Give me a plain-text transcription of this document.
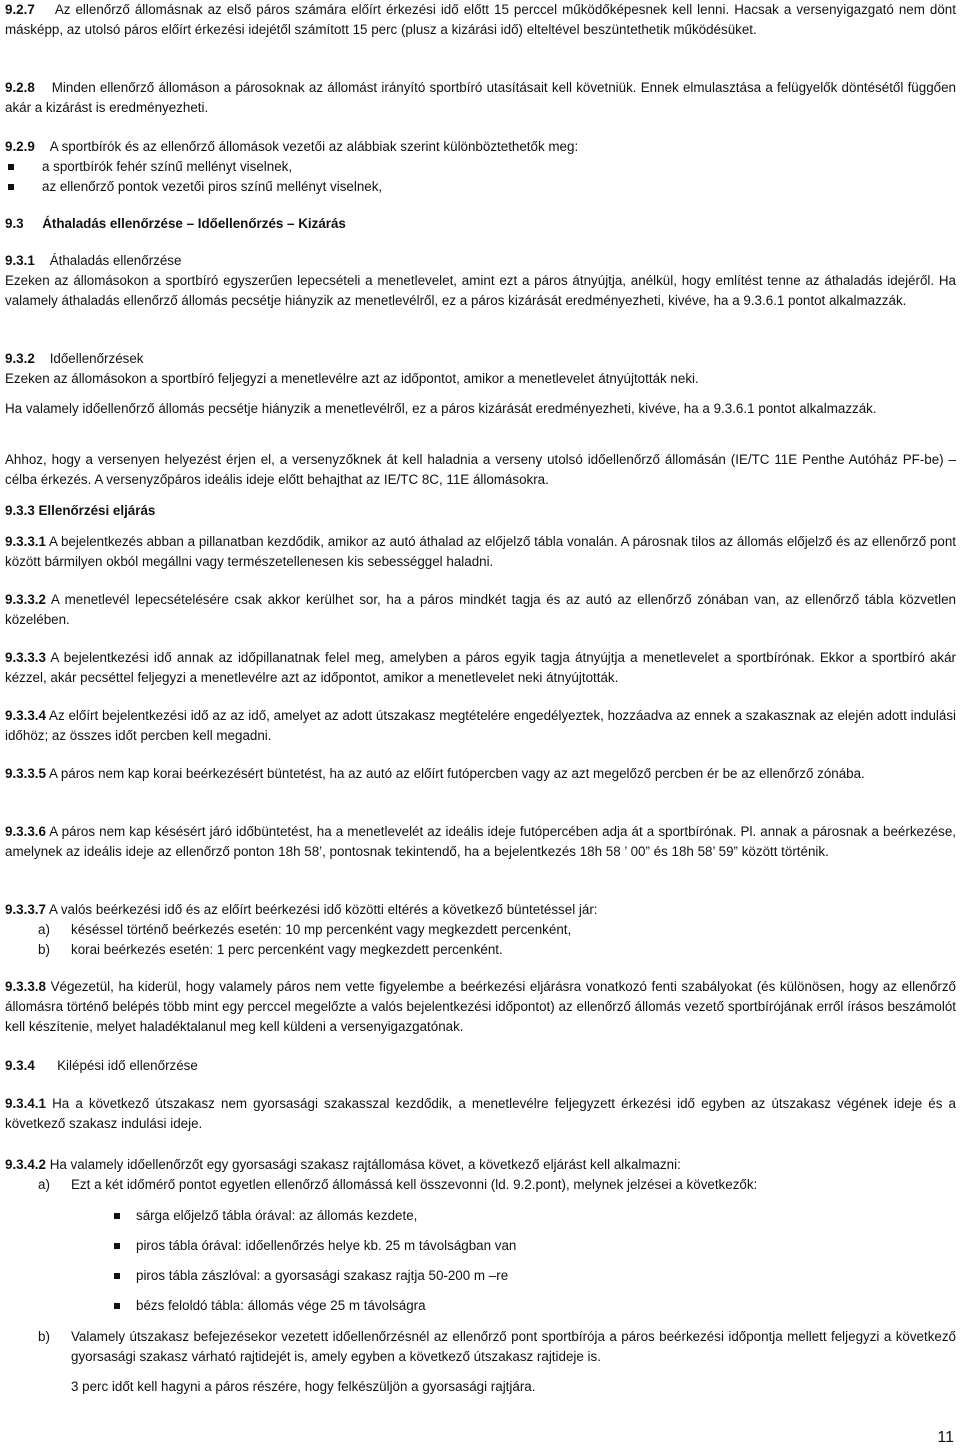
9.2.7 Az ellenőrző állomásnak az első páros számára előírt érkezési idő előtt 15 perccel működőképesnek kell lenni. Hacsak a versenyigazgató nem dönt másképp, az utolsó páros előírt érkezési idejétől számított 15 perc (plusz a kizárási idő) elteltével beszüntethetik működésüket.
9.2.8 Minden ellenőrző állomáson a párosoknak az állomást irányító sportbíró utasításait kell követniük. Ennek elmulasztása a felügyelők döntésétől függően akár a kizárást is eredményezheti.
9.2.9 A sportbírók és az ellenőrző állomások vezetői az alábbiak szerint különböztethetők meg:
a sportbírók fehér színű mellényt viselnek,
az ellenőrző pontok vezetői piros színű mellényt viselnek,
9.3     Áthaladás ellenőrzése – Időellenőrzés – Kizárás
9.3.1 Áthaladás ellenőrzése
Ezeken az állomásokon a sportbíró egyszerűen lepecsételi a menetlevelet, amint ezt a páros átnyújtja, anélkül, hogy említést tenne az áthaladás idejéről. Ha valamely áthaladás ellenőrző állomás pecsétje hiányzik az menetlevélről, ez a páros kizárását eredményezheti, kivéve, ha a 9.3.6.1 pontot alkalmazzák.
9.3.2 Időellenőrzések
Ezeken az állomásokon a sportbíró feljegyzi a menetlevélre azt az időpontot, amikor a menetlevelet átnyújtották neki.
Ha valamely időellenőrző állomás pecsétje hiányzik a menetlevélről, ez a páros kizárását eredményezheti, kivéve, ha a 9.3.6.1 pontot alkalmazzák.
Ahhoz, hogy a versenyen helyezést érjen el, a versenyzőknek át kell haladnia a verseny utolsó időellenőrző állomásán (IE/TC 11E Penthe Autóház PF-be) – célba érkezés. A versenyzőpáros ideális ideje előtt behajthat az IE/TC 8C, 11E állomásokra.
9.3.3 Ellenőrzési eljárás
9.3.3.1 A bejelentkezés abban a pillanatban kezdődik, amikor az autó áthalad az előjelző tábla vonalán. A párosnak tilos az állomás előjelző és az ellenőrző pont között bármilyen okból megállni vagy természetellenesen kis sebességgel haladni.
9.3.3.2 A menetlevél lepecsételésére csak akkor kerülhet sor, ha a páros mindkét tagja és az autó az ellenőrző zónában van, az ellenőrző tábla közvetlen közelében.
9.3.3.3 A bejelentkezési idő annak az időpillanatnak felel meg, amelyben a páros egyik tagja átnyújtja a menetlevelet a sportbírónak. Ekkor a sportbíró akár kézzel, akár pecséttel feljegyzi a menetlevélre azt az időpontot, amikor a menetlevelet neki átnyújtották.
9.3.3.4 Az előírt bejelentkezési idő az az idő, amelyet az adott útszakasz megtételére engedélyeztek, hozzáadva az ennek a szakasznak az elején adott indulási időhöz; az összes időt percben kell megadni.
9.3.3.5 A páros nem kap korai beérkezésért büntetést, ha az autó az előírt futópercben vagy az azt megelőző percben ér be az ellenőrző zónába.
9.3.3.6 A páros nem kap késésért járó időbüntetést, ha a menetlevelét az ideális ideje futópercében adja át a sportbírónak. Pl. annak a párosnak a beérkezése, amelynek az ideális ideje az ellenőrző ponton 18h 58’, pontosnak tekintendő, ha a bejelentkezés 18h 58 ’ 00” és 18h 58’ 59” között történik.
9.3.3.7 A valós beérkezési idő és az előírt beérkezési idő közötti eltérés a következő büntetéssel jár:
a) késéssel történő beérkezés esetén: 10 mp percenként vagy megkezdett percenként,
b) korai beérkezés esetén: 1 perc percenként vagy megkezdett percenként.
9.3.3.8 Végezetül, ha kiderül, hogy valamely páros nem vette figyelembe a beérkezési eljárásra vonatkozó fenti szabályokat (és különösen, hogy az ellenőrző állomásra történő belépés több mint egy perccel megelőzte a valós bejelentkezési időpontot) az ellenőrző állomás vezető sportbírójának erről írásos beszámolót kell készítenie, melyet haladéktalanul meg kell küldeni a versenyigazgatónak.
9.3.4 Kilépési idő ellenőrzése
9.3.4.1 Ha a következő útszakasz nem gyorsasági szakasszal kezdődik, a menetlevélre feljegyzett érkezési idő egyben az útszakasz végének ideje és a következő szakasz indulási ideje.
9.3.4.2 Ha valamely időellenőrzőt egy gyorsasági szakasz rajtállomása követ, a következő eljárást kell alkalmazni:
a) Ezt a két időmérő pontot egyetlen ellenőrző állomássá kell összevonni (ld. 9.2.pont), melynek jelzései a következők:
sárga előjelző tábla órával: az állomás kezdete,
piros tábla órával: időellenőrzés helye kb. 25 m távolságban van
piros tábla zászlóval: a gyorsasági szakasz rajtja 50-200 m –re
bézs feloldó tábla: állomás vége 25 m távolságra
b) Valamely útszakasz befejezésekor vezetett időellenőrzésnél az ellenőrző pont sportbírója a páros beérkezési időpontja mellett feljegyzi a következő gyorsasági szakasz várható rajtidejét is, amely egyben a következő útszakasz rajtideje is.
3 perc időt kell hagyni a páros részére, hogy felkészüljön a gyorsasági rajtjára.
11
